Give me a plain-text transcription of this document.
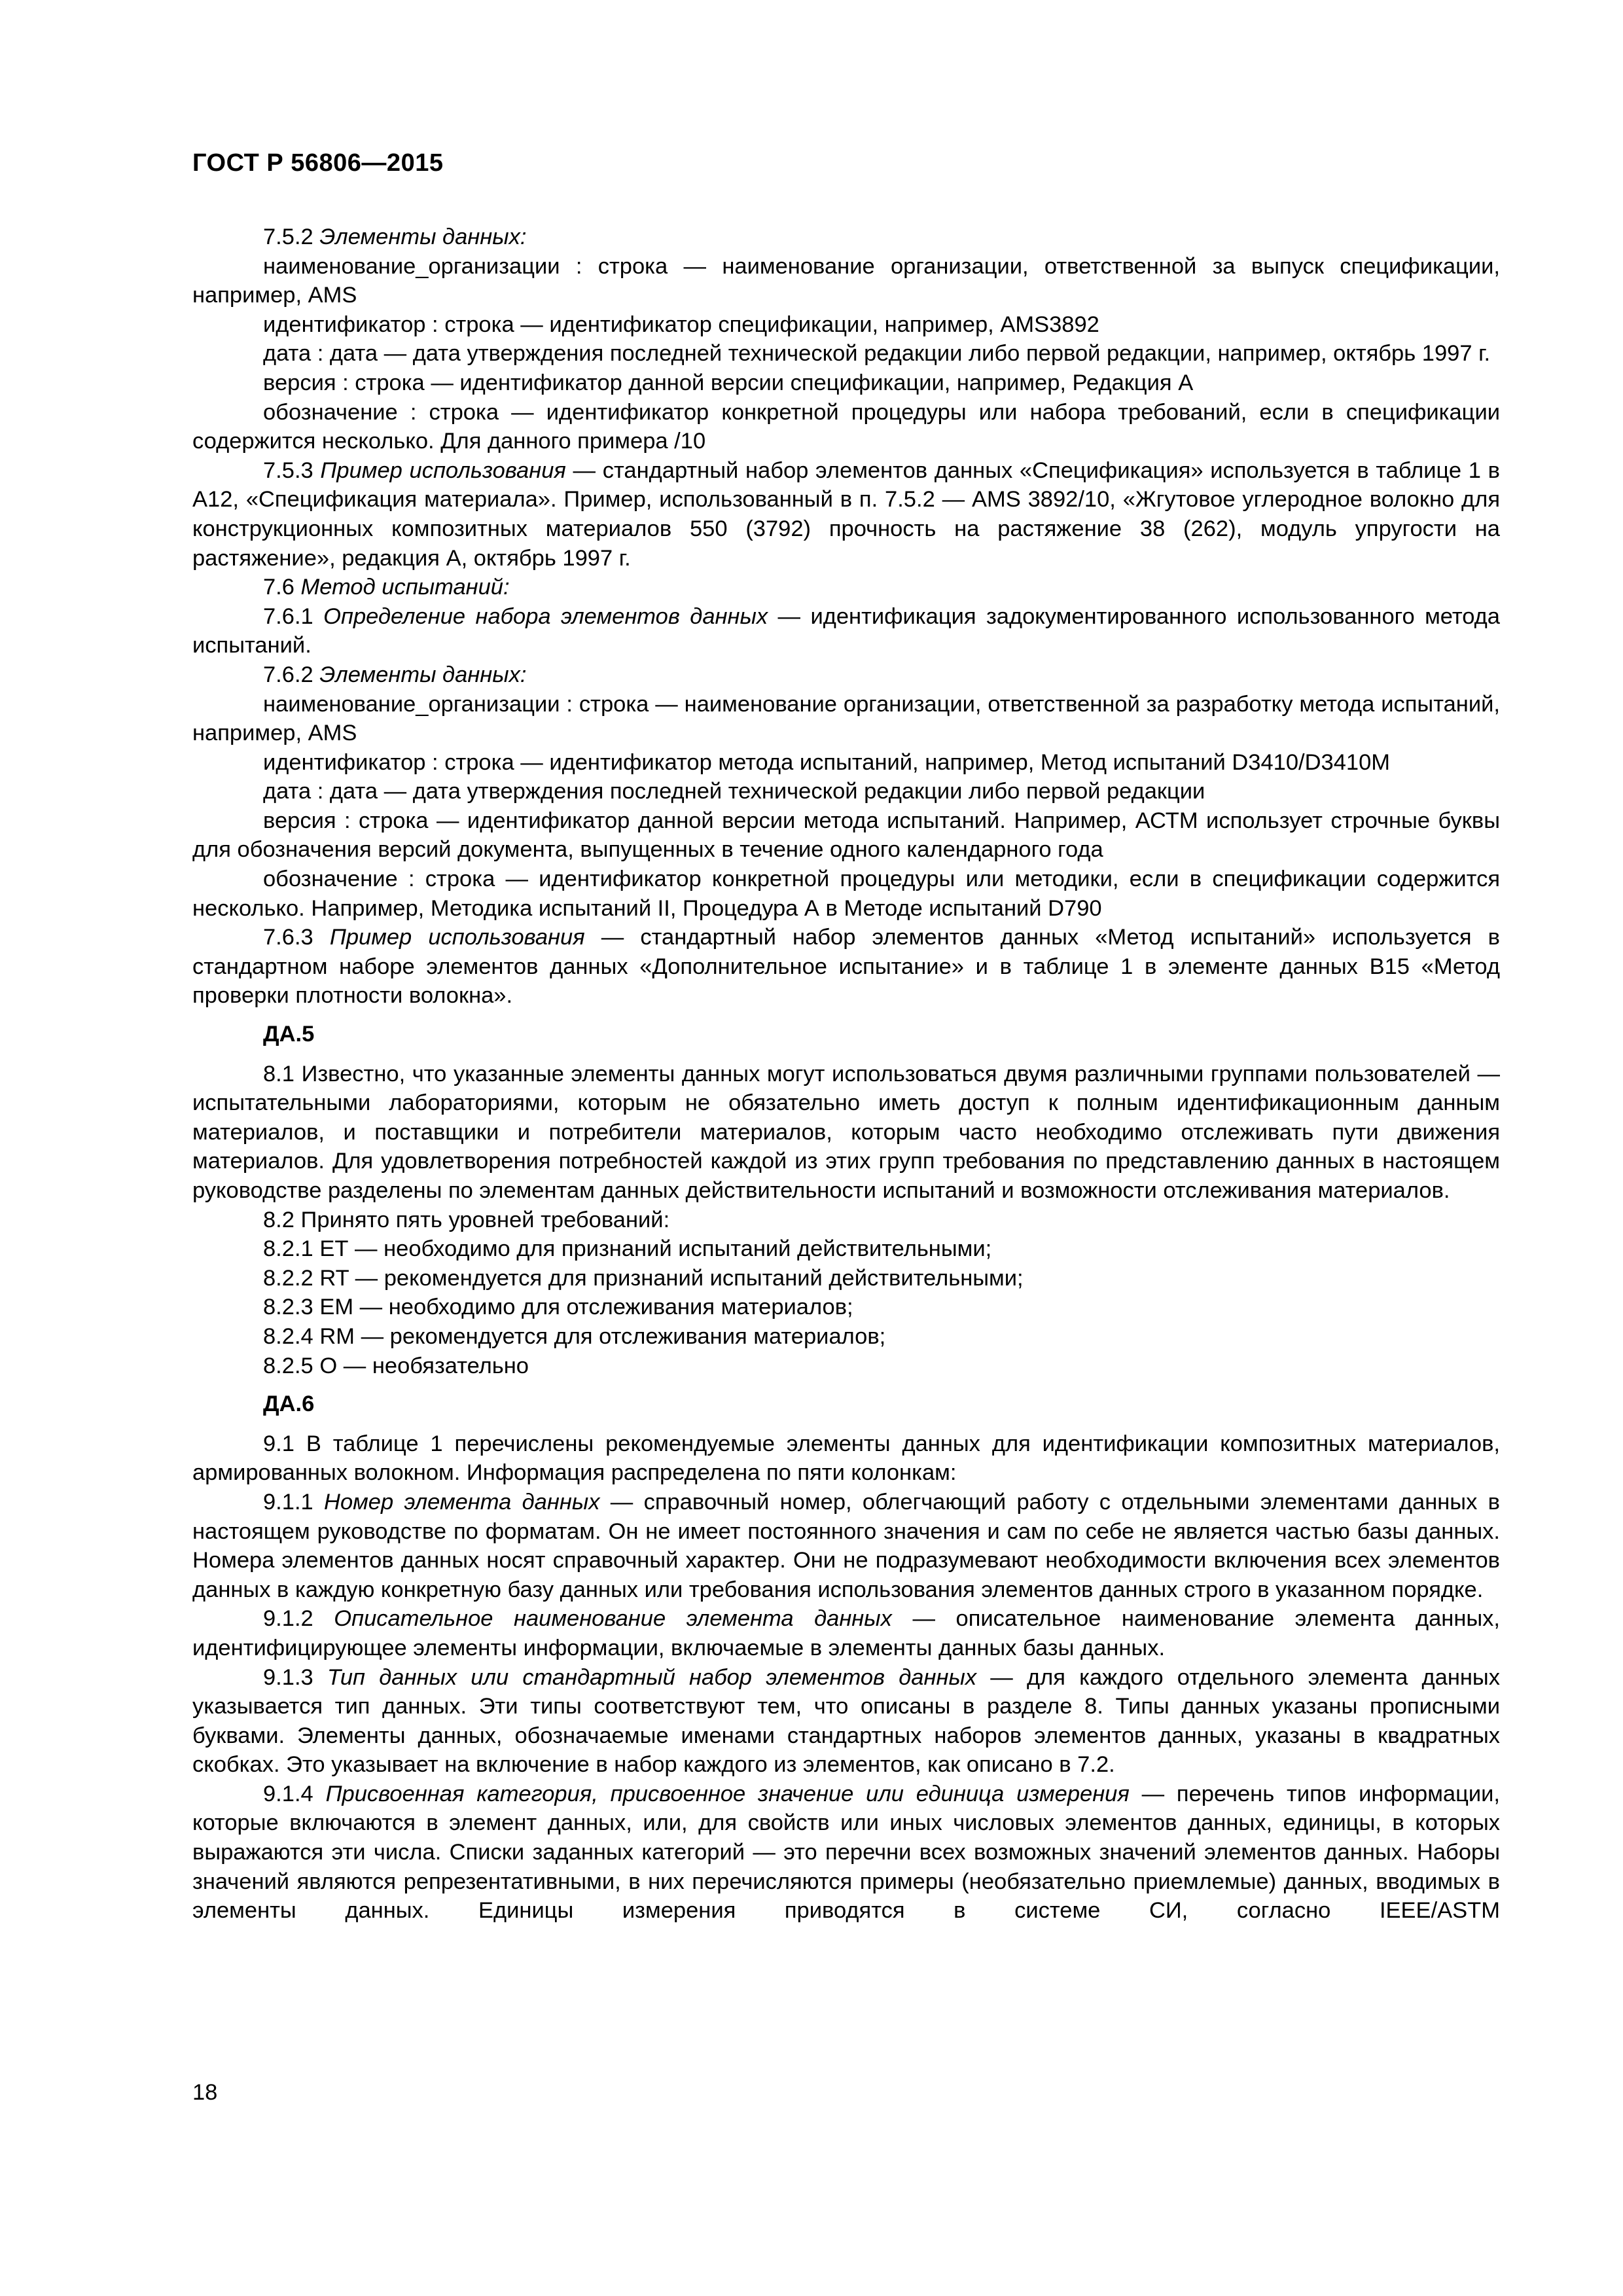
ГОСТ Р 56806—2015

7.5.2 Элементы данных:

наименование_организации : строка — наименование организации, ответственной за выпуск спецификации, например, AMS

идентификатор : строка — идентификатор спецификации, например, AMS3892

дата : дата — дата утверждения последней технической редакции либо первой редакции, например, октябрь 1997 г.

версия : строка — идентификатор данной версии спецификации, например, Редакция А

обозначение : строка — идентификатор конкретной процедуры или набора требований, если в спецификации содержится несколько. Для данного примера /10

7.5.3 Пример использования — стандартный набор элементов данных «Спецификация» используется в таблице 1 в А12, «Спецификация материала». Пример, использованный в п. 7.5.2 — AMS 3892/10, «Жгутовое углеродное волокно для конструкционных композитных материалов 550 (3792) прочность на растяжение 38 (262), модуль упругости на растяжение», редакция А, октябрь 1997 г.

7.6 Метод испытаний:

7.6.1 Определение набора элементов данных — идентификация задокументированного использованного метода испытаний.

7.6.2 Элементы данных:

наименование_организации : строка — наименование организации, ответственной за разработку метода испытаний, например, AMS

идентификатор : строка — идентификатор метода испытаний, например, Метод испытаний D3410/D3410M

дата : дата — дата утверждения последней технической редакции либо первой редакции

версия : строка — идентификатор данной версии метода испытаний. Например, АСТМ использует строчные буквы для обозначения версий документа, выпущенных в течение одного календарного года

обозначение : строка — идентификатор конкретной процедуры или методики, если в спецификации содержится несколько. Например, Методика испытаний II, Процедура А в Методе испытаний D790

7.6.3 Пример использования — стандартный набор элементов данных «Метод испытаний» используется в стандартном наборе элементов данных «Дополнительное испытание» и в таблице 1 в элементе данных В15 «Метод проверки плотности волокна».

ДА.5

8.1 Известно, что указанные элементы данных могут использоваться двумя различными группами пользователей — испытательными лабораториями, которым не обязательно иметь доступ к полным идентификационным данным материалов, и поставщики и потребители материалов, которым часто необходимо отслеживать пути движения материалов. Для удовлетворения потребностей каждой из этих групп требования по представлению данных в настоящем руководстве разделены по элементам данных действительности испытаний и возможности отслеживания материалов.

8.2 Принято пять уровней требований:

8.2.1 ЕТ — необходимо для признаний испытаний действительными;

8.2.2 RT — рекомендуется для признаний испытаний действительными;

8.2.3 ЕМ — необходимо для отслеживания материалов;

8.2.4 RM — рекомендуется для отслеживания материалов;

8.2.5 О — необязательно

ДА.6

9.1 В таблице 1 перечислены рекомендуемые элементы данных для идентификации композитных материалов, армированных волокном. Информация распределена по пяти колонкам:

9.1.1 Номер элемента данных — справочный номер, облегчающий работу с отдельными элементами данных в настоящем руководстве по форматам. Он не имеет постоянного значения и сам по себе не является частью базы данных. Номера элементов данных носят справочный характер. Они не подразумевают необходимости включения всех элементов данных в каждую конкретную базу данных или требования использования элементов данных строго в указанном порядке.

9.1.2 Описательное наименование элемента данных — описательное наименование элемента данных, идентифицирующее элементы информации, включаемые в элементы данных базы данных.

9.1.3 Тип данных или стандартный набор элементов данных — для каждого отдельного элемента данных указывается тип данных. Эти типы соответствуют тем, что описаны в разделе 8. Типы данных указаны прописными буквами. Элементы данных, обозначаемые именами стандартных наборов элементов данных, указаны в квадратных скобках. Это указывает на включение в набор каждого из элементов, как описано в 7.2.

9.1.4 Присвоенная категория, присвоенное значение или единица измерения — перечень типов информации, которые включаются в элемент данных, или, для свойств или иных числовых элементов данных, единицы, в которых выражаются эти числа. Списки заданных категорий — это перечни всех возможных значений элементов данных. Наборы значений являются репрезентативными, в них перечисляются примеры (необязательно приемлемые) данных, вводимых в элементы данных. Единицы измерения приводятся в системе СИ, согласно IEEE/ASTM

18
